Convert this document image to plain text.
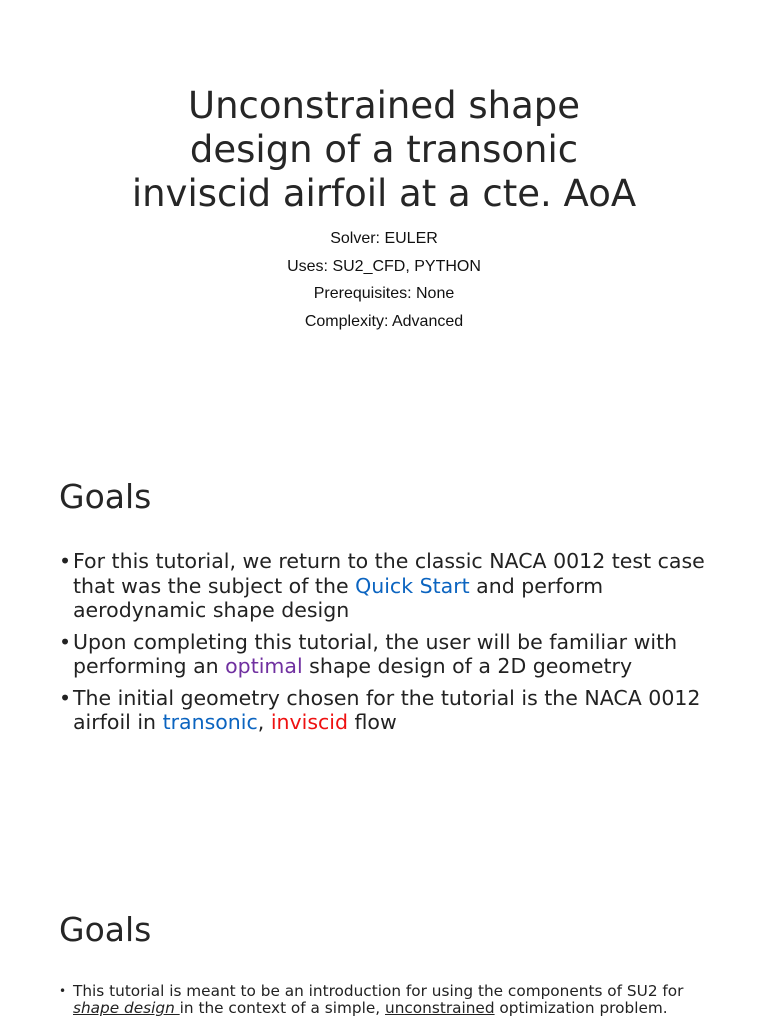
Unconstrained shape
design of a transonic
inviscid airfoil at a cte. AoA
Solver: EULER
Uses: SU2_CFD, PYTHON
Prerequisites: None
Complexity: Advanced
Goals
• For this tutorial, we return to the classic NACA 0012 test case that was the subject of the Quick Start and perform aerodynamic shape design
• Upon completing this tutorial, the user will be familiar with performing an optimal shape design of a 2D geometry
• The initial geometry chosen for the tutorial is the NACA 0012 airfoil in transonic, inviscid flow
Goals
• This tutorial is meant to be an introduction for using the components of SU2 for shape design in the context of a simple, unconstrained optimization problem.
